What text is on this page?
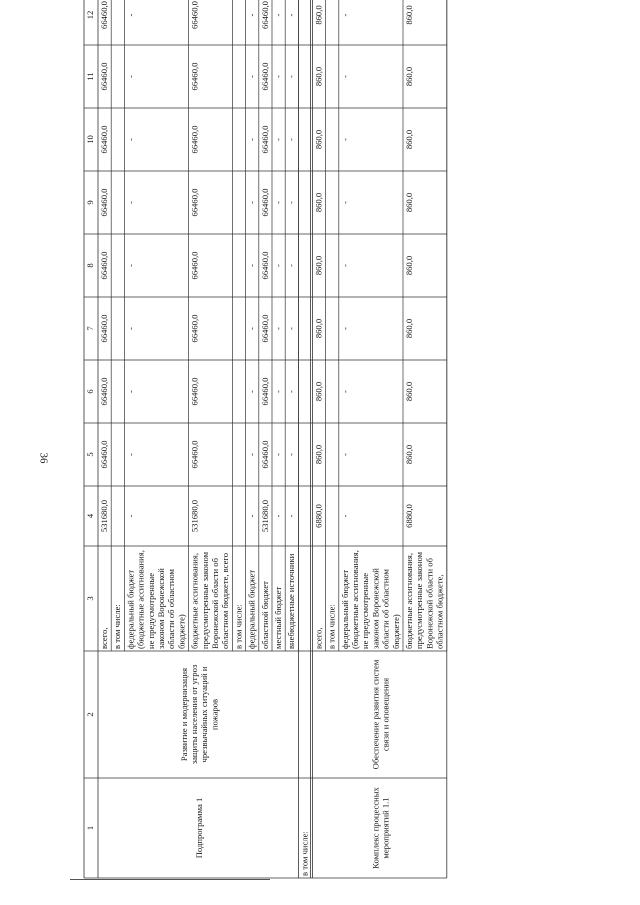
36
1
2
3
4
5
6
7
8
9
10
11
12
всего,
531680,0
66460,0
66460,0
66460,0
66460,0
66460,0
66460,0
66460,0
66460,0
в том числе: федеральный бюджет(бюджетные ассигнования,не предусмотренныезаконом Воронежскойобласти об областномбюджете)
-
-
-
-
-
-
-
-
-
бюджетные ассигнования,предусмотренные закономВоронежской области обобластном бюджете, всего
531680,0
66460,0
66460,0
66460,0
66460,0
66460,0
66460,0
66460,0
66460,0
в том числе: федеральный бюджет
-
-
-
-
-
-
-
-
-
областной бюджет
531680,0
66460,0
66460,0
66460,0
66460,0
66460,0
66460,0
66460,0
66460,0
местный бюджет
-
-
-
-
-
-
-
-
-
внебюджетные источники
-
-
-
-
-
-
-
-
-
Подпрограмма 1
Развитие и модернизациязащиты населения от угрозчрезвычайных ситуаций ипожаров
в том числе:
всего,
6880,0
860,0
860,0
860,0
860,0
860,0
860,0
860,0
860,0
в том числе: федеральный бюджет(бюджетные ассигнования,не предусмотренныезаконом Воронежскойобласти об областномбюджете)
-
-
-
-
-
-
-
-
-
бюджетные ассигнования,предусмотренные закономВоронежской области обобластном бюджете,
6880,0
860,0
860,0
860,0
860,0
860,0
860,0
860,0
860,0
Комплекс процессныхмероприятий 1.1
Обеспечение развития системсвязи и оповещения
